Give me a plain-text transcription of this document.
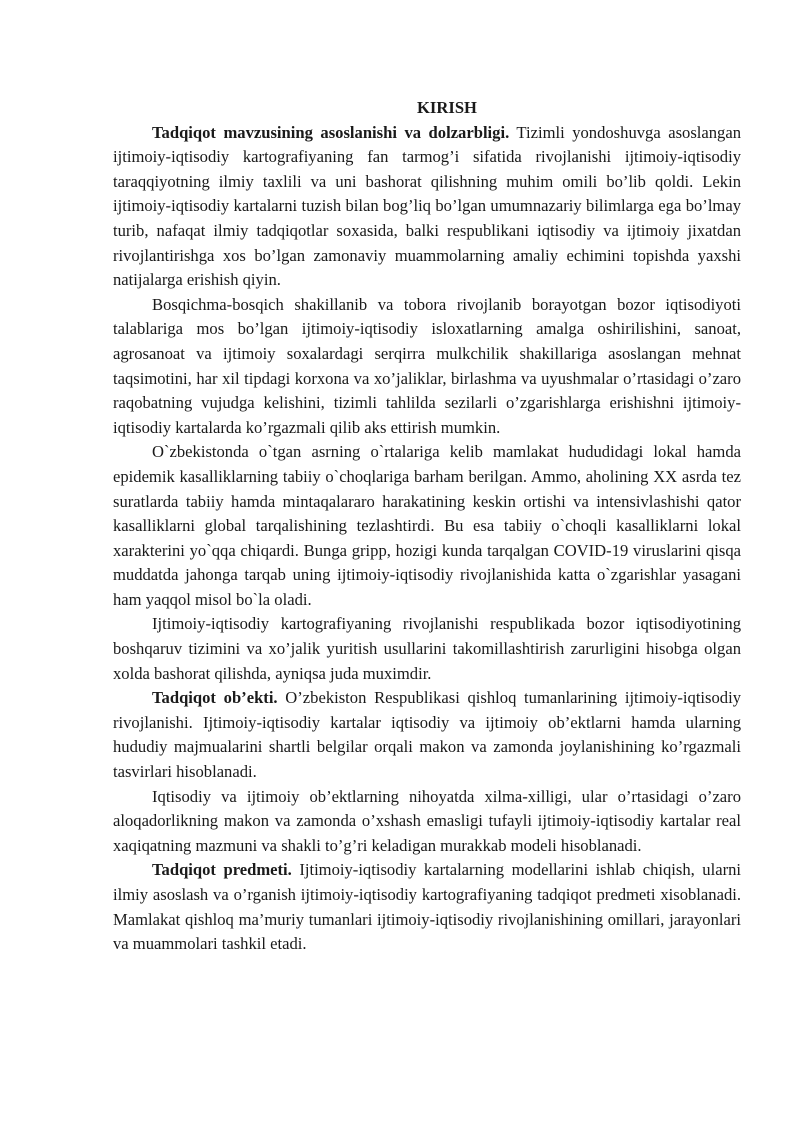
KIRISH

Tadqiqot mavzusining asoslanishi va dolzarbligi. Tizimli yondoshuvga asoslangan ijtimoiy-iqtisodiy kartografiyaning fan tarmog’i sifatida rivojlanishi ijtimoiy-iqtisodiy taraqqiyotning ilmiy taxlili va uni bashorat qilishning muhim omili bo’lib qoldi. Lekin ijtimoiy-iqtisodiy kartalarni tuzish bilan bog’liq bo’lgan umumnazariy bilimlarga ega bo’lmay turib, nafaqat ilmiy tadqiqotlar soxasida, balki respublikani iqtisodiy va ijtimoiy jixatdan rivojlantirishga xos bo’lgan zamonaviy muammolarning amaliy echimini topishda yaxshi natijalarga erishish qiyin.

Bosqichma-bosqich shakillanib va tobora rivojlanib borayotgan bozor iqtisodiyoti talablariga mos bo’lgan ijtimoiy-iqtisodiy isloxatlarning amalga oshirilishini, sanoat, agrosanoat va ijtimoiy soxalardagi serqirra mulkchilik shakillariga asoslangan mehnat taqsimotini, har xil tipdagi korxona va xo’jaliklar, birlashma va uyushmalar o’rtasidagi o’zaro raqobatning vujudga kelishini, tizimli tahlilda sezilarli o’zgarishlarga erishishni ijtimoiy-iqtisodiy kartalarda ko’rgazmali qilib aks ettirish mumkin.

O`zbekistonda o`tgan asrning o`rtalariga kelib mamlakat hududidagi lokal hamda epidemik kasalliklarning tabiiy o`choqlariga barham berilgan. Ammo, aholining XX asrda tez suratlarda tabiiy hamda mintaqalararo harakatining keskin ortishi va intensivlashishi qator kasalliklarni global tarqalishining tezlashtirdi. Bu esa tabiiy o`choqli kasalliklarni lokal xarakterini yo`qqa chiqardi. Bunga gripp, hozigi kunda tarqalgan COVID-19 viruslarini qisqa muddatda jahonga tarqab uning ijtimoiy-iqtisodiy rivojlanishida katta o`zgarishlar yasagani ham yaqqol misol bo`la oladi.

Ijtimoiy-iqtisodiy kartografiyaning rivojlanishi respublikada bozor iqtisodiyotining boshqaruv tizimini va xo’jalik yuritish usullarini takomillashtirish zarurligini hisobga olgan xolda bashorat qilishda, ayniqsa juda muximdir.

Tadqiqot ob’ekti. O’zbekiston Respublikasi qishloq tumanlarining ijtimoiy-iqtisodiy rivojlanishi. Ijtimoiy-iqtisodiy kartalar iqtisodiy va ijtimoiy ob’ektlarni hamda ularning hududiy majmualarini shartli belgilar orqali makon va zamonda joylanishining ko’rgazmali tasvirlari hisoblanadi.

Iqtisodiy va ijtimoiy ob’ektlarning nihoyatda xilma-xilligi, ular o’rtasidagi o’zaro aloqadorlikning makon va zamonda o’xshash emasligi tufayli ijtimoiy-iqtisodiy kartalar real xaqiqatning mazmuni va shakli to’g’ri keladigan murakkab modeli hisoblanadi.

Tadqiqot predmeti. Ijtimoiy-iqtisodiy kartalarning modellarini ishlab chiqish, ularni ilmiy asoslash va o’rganish ijtimoiy-iqtisodiy kartografiyaning tadqiqot predmeti xisoblanadi. Mamlakat qishloq ma’muriy tumanlari ijtimoiy-iqtisodiy rivojlanishining omillari, jarayonlari va muammolari tashkil etadi.
